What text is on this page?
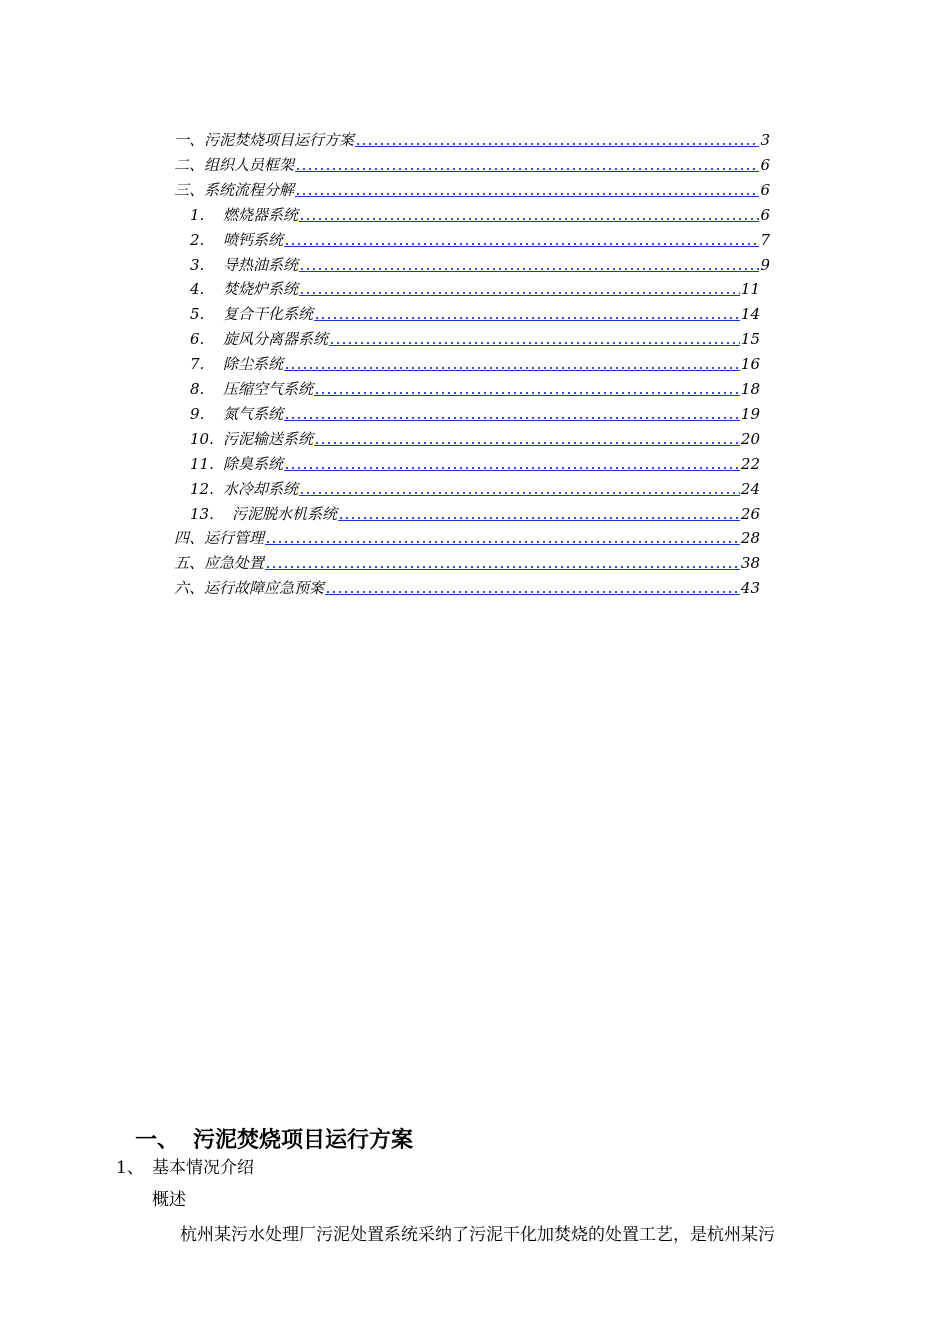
一、污泥焚烧项目运行方案	3
二、组织人员框架	6
三、系统流程分解	6
1.	燃烧器系统	6
2.	喷钙系统	7
3.	导热油系统	9
4.	焚烧炉系统	11
5.	复合干化系统	14
6.	旋风分离器系统	15
7.	除尘系统	16
8.	压缩空气系统	18
9.	氮气系统	19
10. 污泥输送系统	20
11. 除臭系统	22
12. 水冷却系统	24
13.	污泥脱水机系统	26
四、运行管理	28
五、应急处置	38
六、运行故障应急预案	43
一、 污泥焚烧项目运行方案
1、 基本情况介绍
概述
杭州某污水处理厂污泥处置系统采纳了污泥干化加焚烧的处置工艺，是杭州某污
